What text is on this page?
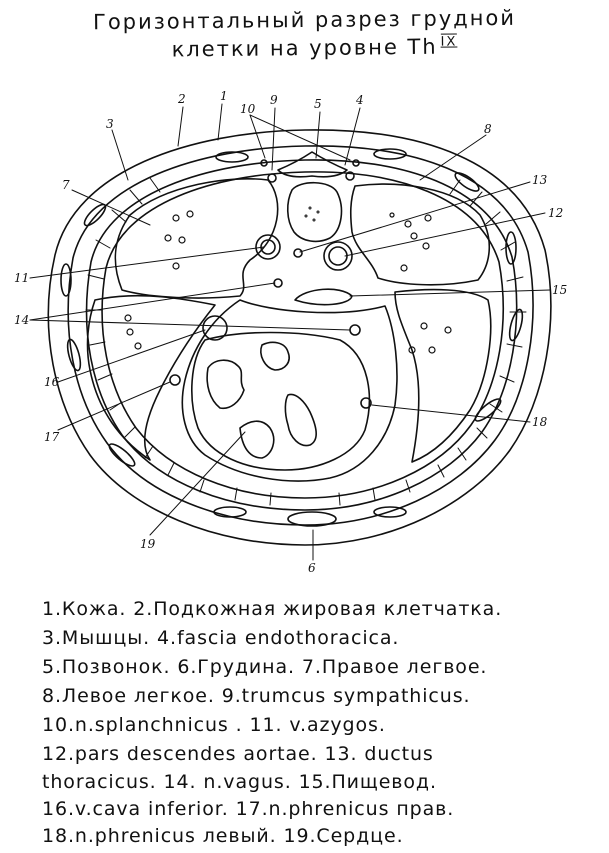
Горизонтальный разрез грудной
клетки на уровне Th $^{IX}$
1
2
3
4
5
6
7
8
9
10
11
12
13
14
15
16
17
18
19
1.Кожа. 2.Подкожная жировая клетчатка.
3.Мышцы. 4.fascia endothoracica.
5.Позвонок. 6.Грудина. 7.Правое легвое.
8.Левое легкое. 9.trumcus sympathicus.
10.n.splanchnicus . 11. v.azygos.
12.pars descendes aortae. 13. ductus
thoracicus. 14. n.vagus. 15.Пищевод.
16.v.cava inferior. 17.n.phrenicus прав.
18.n.phrenicus левый. 19.Сердце.
